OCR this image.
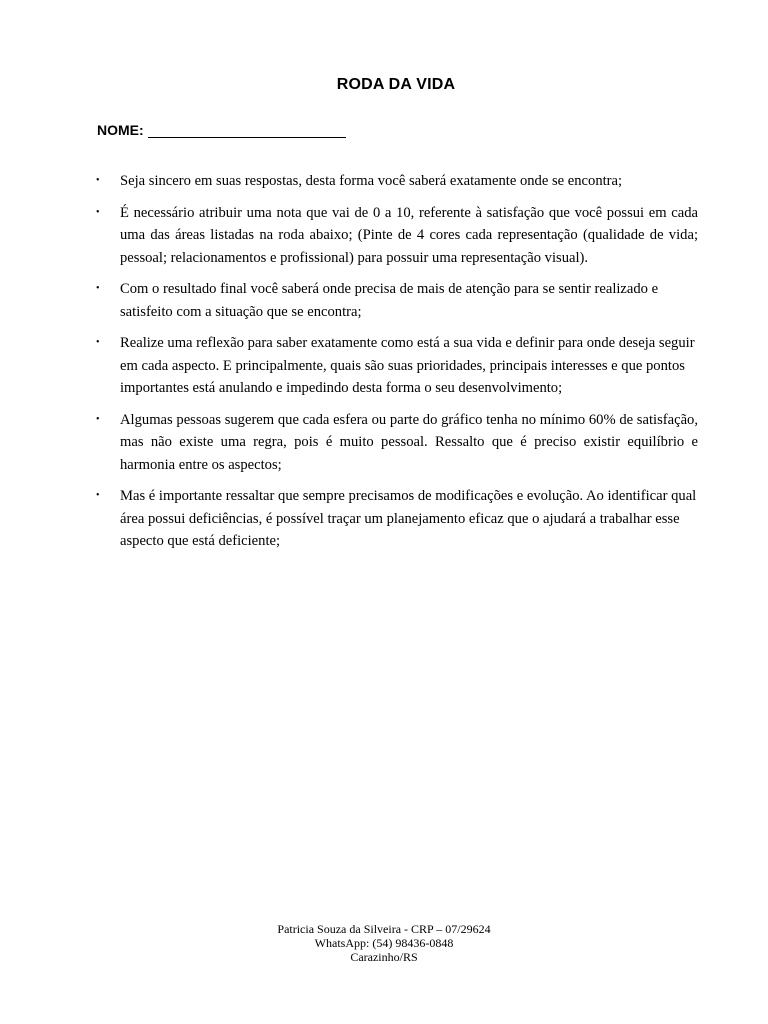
RODA DA VIDA
NOME:
• Seja sincero em suas respostas, desta forma você saberá exatamente onde se encontra;
• É necessário atribuir uma nota que vai de 0 a 10, referente à satisfação que você possui em cada uma das áreas listadas na roda abaixo; (Pinte de 4 cores cada representação (qualidade de vida; pessoal; relacionamentos e profissional) para possuir uma representação visual).
• Com o resultado final você saberá onde precisa de mais de atenção para se sentir realizado e satisfeito com a situação que se encontra;
• Realize uma reflexão para saber exatamente como está a sua vida e definir para onde deseja seguir em cada aspecto. E principalmente, quais são suas prioridades, principais interesses e que pontos importantes está anulando e impedindo desta forma o seu desenvolvimento;
• Algumas pessoas sugerem que cada esfera ou parte do gráfico tenha no mínimo 60% de satisfação, mas não existe uma regra, pois é muito pessoal. Ressalto que é preciso existir equilíbrio e harmonia entre os aspectos;
• Mas é importante ressaltar que sempre precisamos de modificações e evolução. Ao identificar qual área possui deficiências, é possível traçar um planejamento eficaz que o ajudará a trabalhar esse aspecto que está deficiente;
Patricia Souza da Silveira - CRP – 07/29624
WhatsApp: (54) 98436-0848
Carazinho/RS
